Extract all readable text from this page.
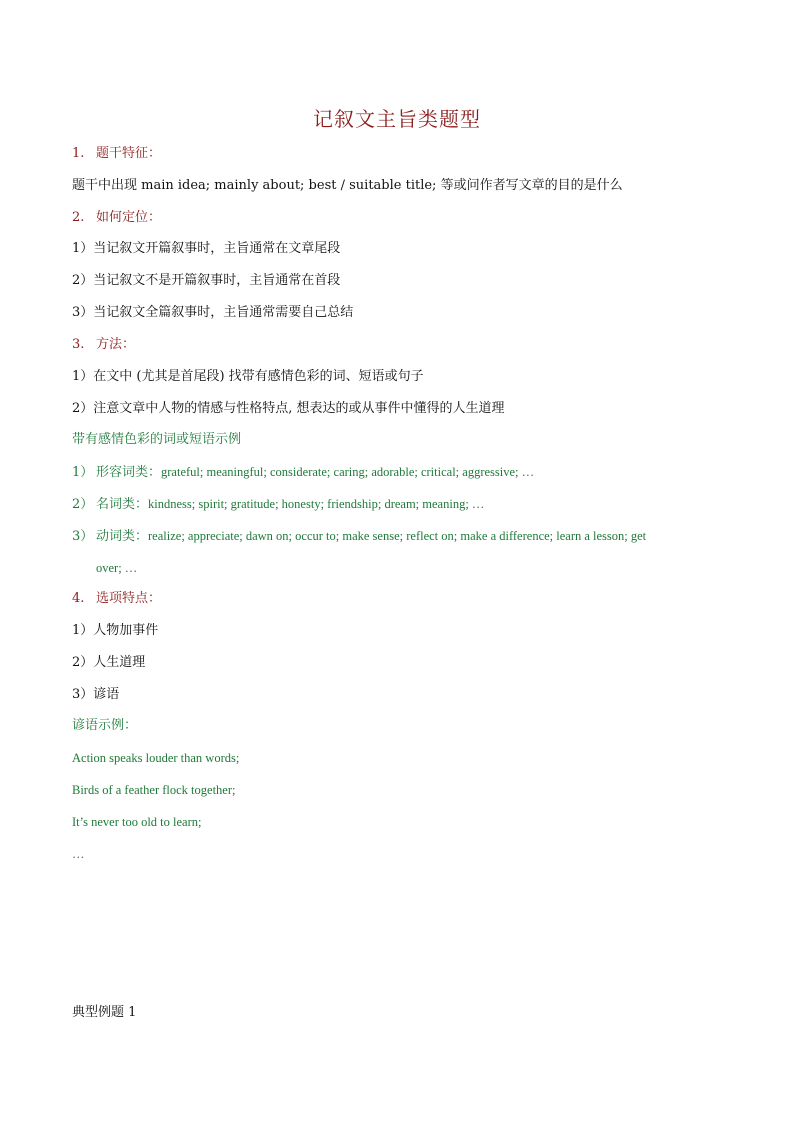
记叙文主旨类题型
1. 题干特征：
题干中出现 main idea; mainly about; best / suitable title; 等或问作者写文章的目的是什么
2. 如何定位：
1）当记叙文开篇叙事时，主旨通常在文章尾段
2）当记叙文不是开篇叙事时，主旨通常在首段
3）当记叙文全篇叙事时，主旨通常需要自己总结
3. 方法：
1）在文中 (尤其是首尾段) 找带有感情色彩的词、短语或句子
2）注意文章中人物的情感与性格特点, 想表达的或从事件中懂得的人生道理
带有感情色彩的词或短语示例
1） 形容词类：grateful; meaningful; considerate; caring; adorable; critical; aggressive; …
2） 名词类：kindness; spirit; gratitude; honesty; friendship; dream; meaning; …
3） 动词类：realize; appreciate; dawn on; occur to; make sense; reflect on; make a difference; learn a lesson; get
over; …
4. 选项特点：
1）人物加事件
2）人生道理
3）谚语
谚语示例：
Action speaks louder than words;
Birds of a feather flock together;
It’s never too old to learn;
…
典型例题 1
